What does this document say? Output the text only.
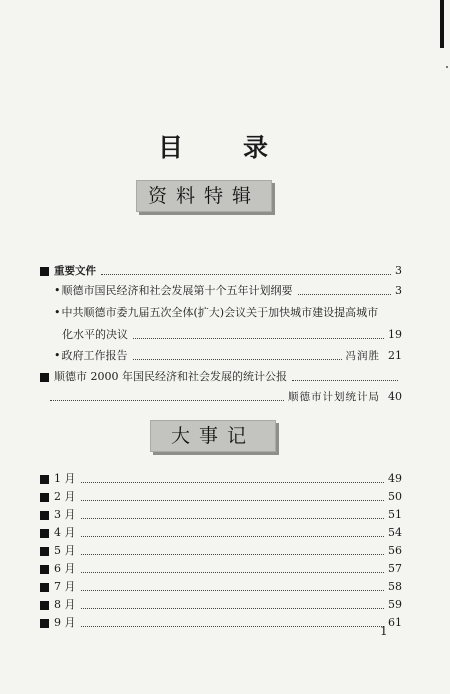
目 录
资料特辑
重要文件	3
• 顺德市国民经济和社会发展第十个五年计划纲要	3
• 中共顺德市委九届五次全体(扩大)会议关于加快城市建设提高城市
化水平的决议	19
• 政府工作报告	冯润胜 21
顺德市 2000 年国民经济和社会发展的统计公报
顺德市计划统计局 40
大事记
1 月	49
2 月	50
3 月	51
4 月	54
5 月	56
6 月	57
7 月	58
8 月	59
9 月	61
1
